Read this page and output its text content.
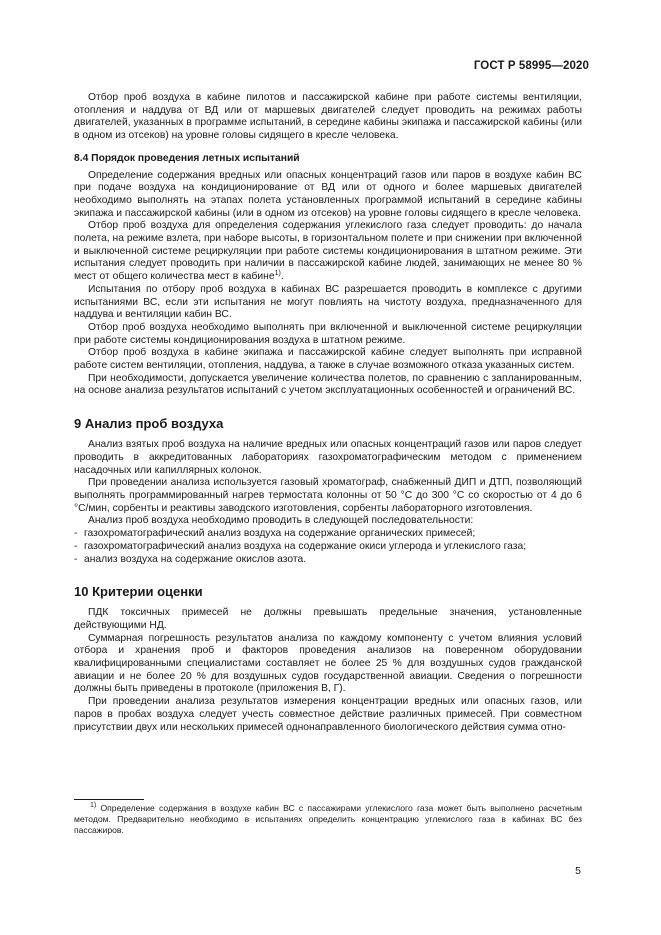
ГОСТ Р 58995—2020

Отбор проб воздуха в кабине пилотов и пассажирской кабине при работе системы вентиляции, отопления и наддува от ВД или от маршевых двигателей следует проводить на режимах работы двигателей, указанных в программе испытаний, в середине кабины экипажа и пассажирской кабины (или в одном из отсеков) на уровне головы сидящего в кресле человека.

8.4 Порядок проведения летных испытаний

Определение содержания вредных или опасных концентраций газов или паров в воздухе кабин ВС при подаче воздуха на кондиционирование от ВД или от одного и более маршевых двигателей необходимо выполнять на этапах полета установленных программой испытаний в середине кабины экипажа и пассажирской кабины (или в одном из отсеков) на уровне головы сидящего в кресле человека.

Отбор проб воздуха для определения содержания углекислого газа следует проводить: до начала полета, на режиме взлета, при наборе высоты, в горизонтальном полете и при снижении при включенной и выключенной системе рециркуляции при работе системы кондиционирования в штатном режиме. Эти испытания следует проводить при наличии в пассажирской кабине людей, занимающих не менее 80 % мест от общего количества мест в кабине$^{1)}$.

Испытания по отбору проб воздуха в кабинах ВС разрешается проводить в комплексе с другими испытаниями ВС, если эти испытания не могут повлиять на чистоту воздуха, предназначенного для наддува и вентиляции кабин ВС.

Отбор проб воздуха необходимо выполнять при включенной и выключенной системе рециркуляции при работе системы кондиционирования воздуха в штатном режиме.

Отбор проб воздуха в кабине экипажа и пассажирской кабине следует выполнять при исправной работе систем вентиляции, отопления, наддува, а также в случае возможного отказа указанных систем.

При необходимости, допускается увеличение количества полетов, по сравнению с запланированным, на основе анализа результатов испытаний с учетом эксплуатационных особенностей и ограничений ВС.

9 Анализ проб воздуха

Анализ взятых проб воздуха на наличие вредных или опасных концентраций газов или паров следует проводить в аккредитованных лабораториях газохроматографическим методом с применением насадочных или капиллярных колонок.

При проведении анализа используется газовый хроматограф, снабженный ДИП и ДТП, позволяющий выполнять программированный нагрев термостата колонны от 50 °С до 300 °С со скоростью от 4 до 6 °С/мин, сорбенты и реактивы заводского изготовления, сорбенты лабораторного изготовления.

Анализ проб воздуха необходимо проводить в следующей последовательности:

- газохроматографический анализ воздуха на содержание органических примесей;

- газохроматографический анализ воздуха на содержание окиси углерода и углекислого газа;

- анализ воздуха на содержание окислов азота.

10 Критерии оценки

ПДК токсичных примесей не должны превышать предельные значения, установленные действующими НД.

Суммарная погрешность результатов анализа по каждому компоненту с учетом влияния условий отбора и хранения проб и факторов проведения анализов на поверенном оборудовании квалифицированными специалистами составляет не более 25 % для воздушных судов гражданской авиации и не более 20 % для воздушных судов государственной авиации. Сведения о погрешности должны быть приведены в протоколе (приложения В, Г).

При проведении анализа результатов измерения концентрации вредных или опасных газов, или паров в пробах воздуха следует учесть совместное действие различных примесей. При совместном присутствии двух или нескольких примесей однонаправленного биологического действия сумма отно-

$^{1)}$ Определение содержания в воздухе кабин ВС с пассажирами углекислого газа может быть выполнено расчетным методом. Предварительно необходимо в испытаниях определить концентрацию углекислого газа в кабинах ВС без пассажиров.

5
